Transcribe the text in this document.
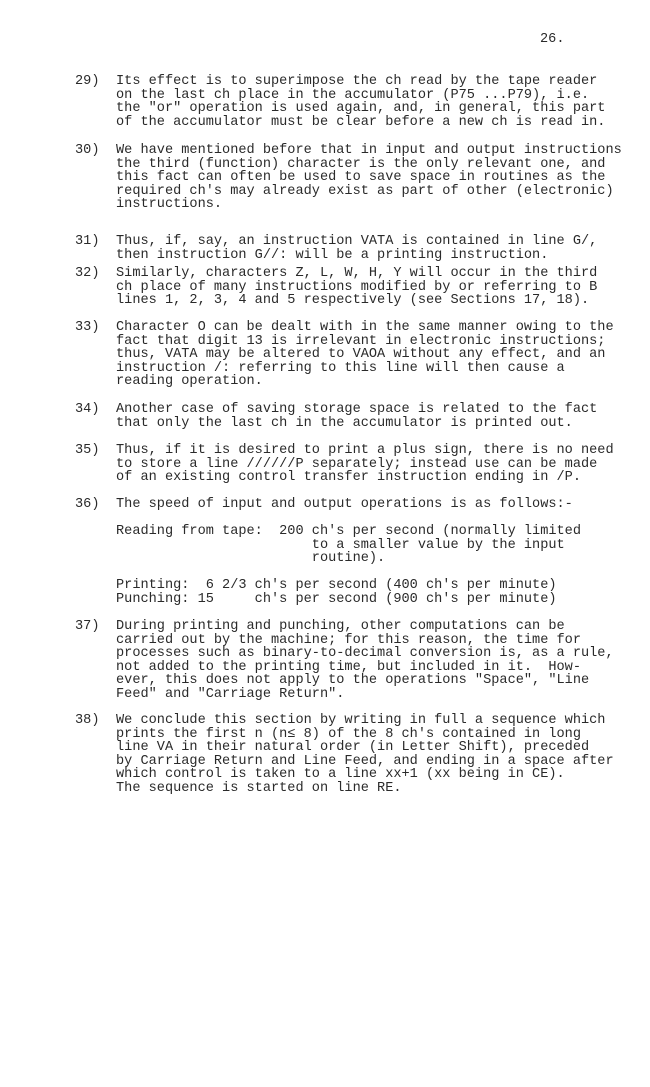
26.
29) Its effect is to superimpose the ch read by the tape reader
on the last ch place in the accumulator (P75 ...P79), i.e.
the "or" operation is used again, and, in general, this part
of the accumulator must be clear before a new ch is read in.
30) We have mentioned before that in input and output instructions
the third (function) character is the only relevant one, and
this fact can often be used to save space in routines as the
required ch's may already exist as part of other (electronic)
instructions.
31) Thus, if, say, an instruction VATA is contained in line G/,
then instruction G//: will be a printing instruction.
32) Similarly, characters Z, L, W, H, Y will occur in the third
ch place of many instructions modified by or referring to B
lines 1, 2, 3, 4 and 5 respectively (see Sections 17, 18).
33) Character O can be dealt with in the same manner owing to the
fact that digit 13 is irrelevant in electronic instructions;
thus, VATA may be altered to VAOA without any effect, and an
instruction /: referring to this line will then cause a
reading operation.
34) Another case of saving storage space is related to the fact
that only the last ch in the accumulator is printed out.
35) Thus, if it is desired to print a plus sign, there is no need
to store a line //////P separately; instead use can be made
of an existing control transfer instruction ending in /P.
36) The speed of input and output operations is as follows:-
Reading from tape:  200 ch's per second (normally limited
to a smaller value by the input
routine).
Printing:  6 2/3 ch's per second (400 ch's per minute)
Punching: 15     ch's per second (900 ch's per minute)
37) During printing and punching, other computations can be
carried out by the machine; for this reason, the time for
processes such as binary-to-decimal conversion is, as a rule,
not added to the printing time, but included in it.  How-
ever, this does not apply to the operations "Space", "Line
Feed" and "Carriage Return".
38) We conclude this section by writing in full a sequence which
prints the first n (n≤ 8) of the 8 ch's contained in long
line VA in their natural order (in Letter Shift), preceded
by Carriage Return and Line Feed, and ending in a space after
which control is taken to a line xx+1 (xx being in CE).
The sequence is started on line RE.
